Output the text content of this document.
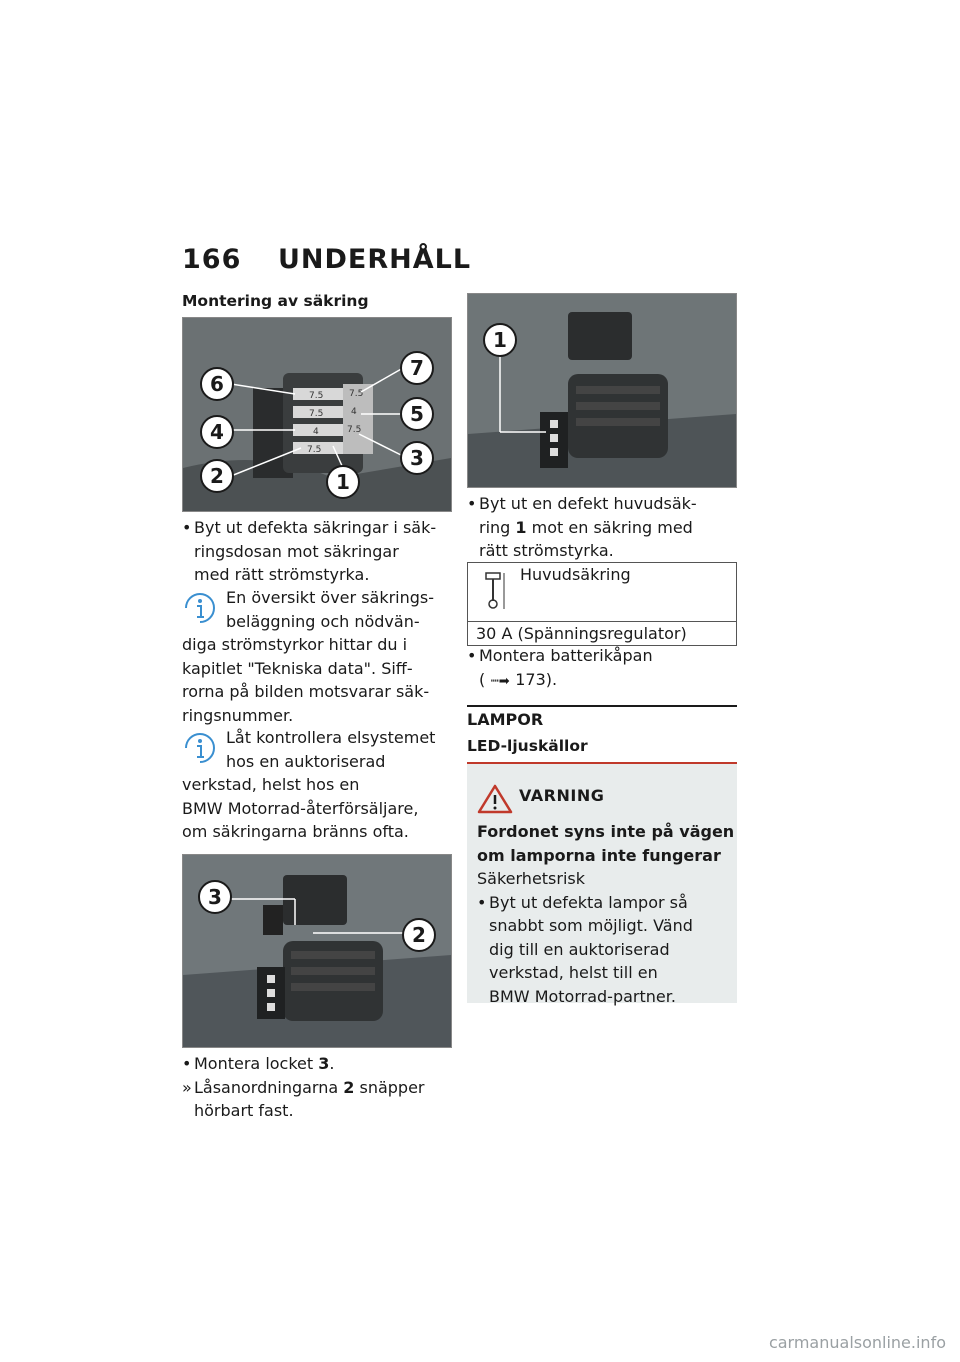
166 UNDERHÅLL
Montering av säkring
7.5	7.5
7.5	4
4	7.5
7.5
6
7
4
5
2
3
1
• Byt ut defekta säkringar i säk-
ringsdosan mot säkringar
med rätt strömstyrka.
En översikt över säkrings-
beläggning och nödvän-
diga strömstyrkor hittar du i
kapitlet "Tekniska data". Siff-
rorna på bilden motsvarar säk-
ringsnummer.
Låt kontrollera elsystemet
hos en auktoriserad
verkstad, helst hos en
BMW Motorrad-återförsäljare,
om säkringarna bränns ofta.
3
2
• Montera locket 3.
» Låsanordningarna 2 snäpper
hörbart fast.
1
• Byt ut en defekt huvudsäk-
ring 1 mot en säkring med
rätt strömstyrka.
Huvudsäkring
30 A (Spänningsregulator)
• Montera batterikåpan
( ┉➡ 173).
LAMPOR
LED-ljuskällor
VARNING
Fordonet syns inte på vägen
om lamporna inte fungerar
Säkerhetsrisk
• Byt ut defekta lampor så
snabbt som möjligt. Vänd
dig till en auktoriserad
verkstad, helst till en
BMW Motorrad-partner.
carmanualsonline.info
